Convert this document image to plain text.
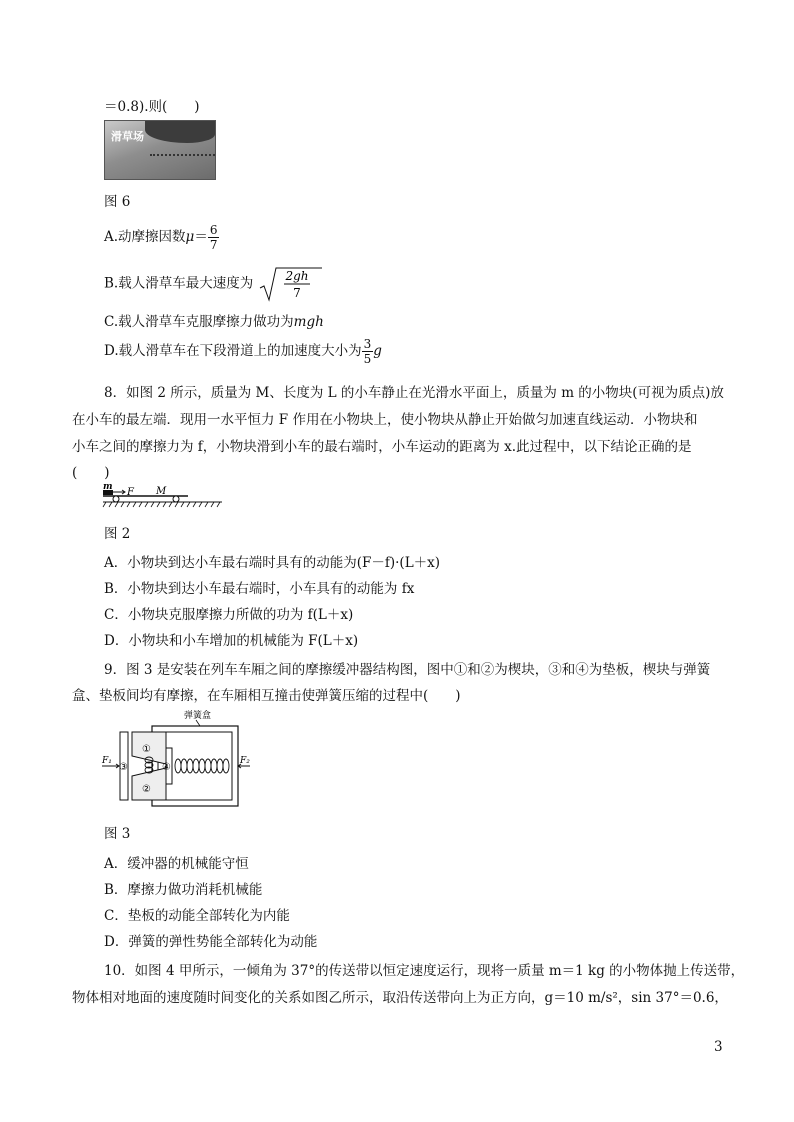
＝0.8).则(　　)
滑草场
图 6
A.动摩擦因数$\mu= \frac{6}{7}$
B.载人滑草车最大速度为	2gh
7
C.载人滑草车克服摩擦力做功为mgh
D.载人滑草车在下段滑道上的加速度大小为 $\frac{3}{5}$ g
8．如图 2 所示，质量为 M、长度为 L 的小车静止在光滑水平面上，质量为 m 的小物块(可视为质点)放
在小车的最左端．现用一水平恒力 F 作用在小物块上，使小物块从静止开始做匀加速直线运动．小物块和
小车之间的摩擦力为 f，小物块滑到小车的最右端时，小车运动的距离为 x.此过程中，以下结论正确的是
(　　)
m F M
图 2
A．小物块到达小车最右端时具有的动能为(F－f)·(L＋x)
B．小物块到达小车最右端时，小车具有的动能为 fx
C．小物块克服摩擦力所做的功为 f(L＋x)
D．小物块和小车增加的机械能为 F(L＋x)
9．图 3 是安装在列车车厢之间的摩擦缓冲器结构图，图中①和②为楔块，③和④为垫板，楔块与弹簧
盒、垫板间均有摩擦，在车厢相互撞击使弹簧压缩的过程中(　　)
弹簧盒
①
②
③	④
F₁	F₂
图 3
A．缓冲器的机械能守恒
B．摩擦力做功消耗机械能
C．垫板的动能全部转化为内能
D．弹簧的弹性势能全部转化为动能
10．如图 4 甲所示，一倾角为 37°的传送带以恒定速度运行，现将一质量 m＝1 kg 的小物体抛上传送带，
物体相对地面的速度随时间变化的关系如图乙所示，取沿传送带向上为正方向，g＝10 m/s²，sin 37°＝0.6，
3
